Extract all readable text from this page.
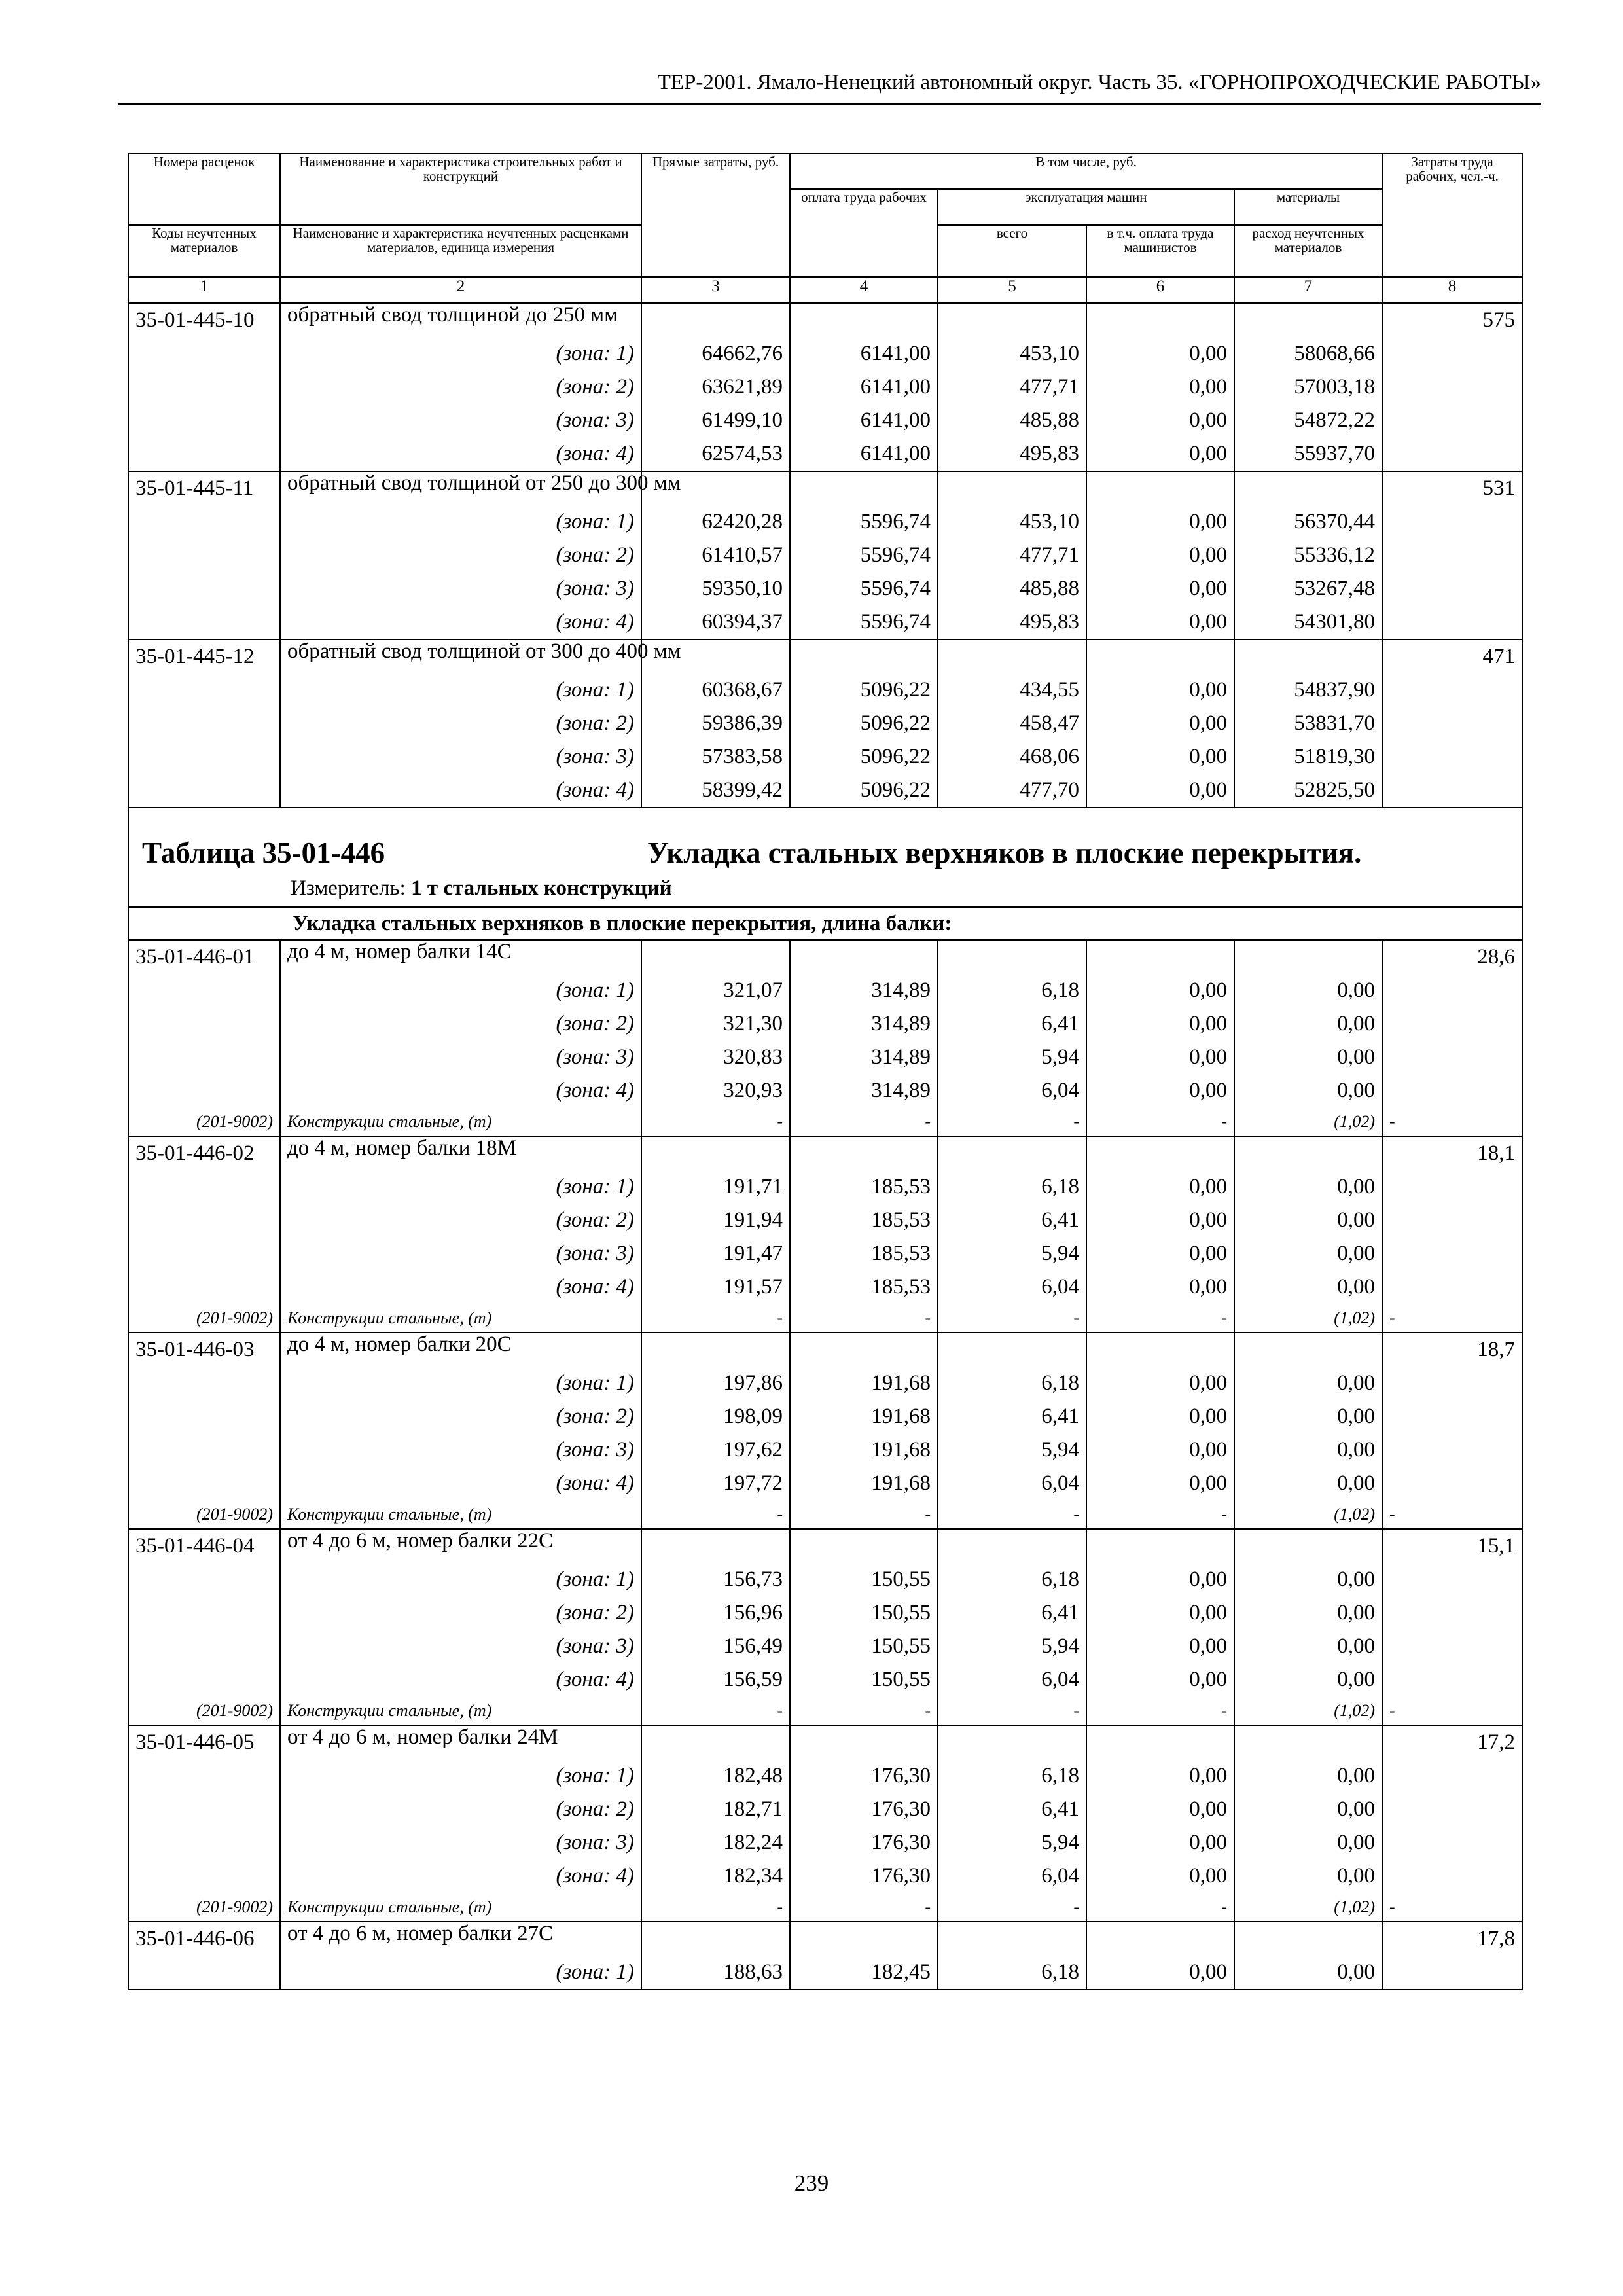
ТЕР-2001. Ямало-Ненецкий автономный округ. Часть 35. «ГОРНОПРОХОДЧЕСКИЕ РАБОТЫ»
Номера расценок	Наименование и характеристика строительных работ и конструкций	Прямые затраты, руб.	В том числе, руб.				Затраты труда рабочих, чел.-ч.
			оплата труда рабочих	эксплуатация машин		материалы	
Коды неучтенных материалов	Наименование и характеристика неучтенных расценками материалов, единица измерения			всего	в т.ч. оплата труда машинистов	расход неучтенных материалов	
1	2	3	4	5	6	7	8
35-01-445-10	обратный свод толщиной до 250 мм						575
	(зона: 1)	64662,76	6141,00	453,10	0,00	58068,66	
	(зона: 2)	63621,89	6141,00	477,71	0,00	57003,18	
	(зона: 3)	61499,10	6141,00	485,88	0,00	54872,22	
	(зона: 4)	62574,53	6141,00	495,83	0,00	55937,70	
35-01-445-11	обратный свод толщиной от 250 до 300 мм						531
	(зона: 1)	62420,28	5596,74	453,10	0,00	56370,44	
	(зона: 2)	61410,57	5596,74	477,71	0,00	55336,12	
	(зона: 3)	59350,10	5596,74	485,88	0,00	53267,48	
	(зона: 4)	60394,37	5596,74	495,83	0,00	54301,80	
35-01-445-12	обратный свод толщиной от 300 до 400 мм						471
	(зона: 1)	60368,67	5096,22	434,55	0,00	54837,90	
	(зона: 2)	59386,39	5096,22	458,47	0,00	53831,70	
	(зона: 3)	57383,58	5096,22	468,06	0,00	51819,30	
	(зона: 4)	58399,42	5096,22	477,70	0,00	52825,50	

Таблица 35-01-446 Укладка стальных верхняков в плоские перекрытия.
Измеритель: 1 т стальных конструкций							

Укладка стальных верхняков в плоские перекрытия, длина балки:							
35-01-446-01	до 4 м, номер балки 14С						28,6
	(зона: 1)	321,07	314,89	6,18	0,00	0,00	
	(зона: 2)	321,30	314,89	6,41	0,00	0,00	
	(зона: 3)	320,83	314,89	5,94	0,00	0,00	
	(зона: 4)	320,93	314,89	6,04	0,00	0,00	
(201-9002)	Конструкции стальные, (т)	-	-	-	-	(1,02)	-
35-01-446-02	до 4 м, номер балки 18М						18,1
	(зона: 1)	191,71	185,53	6,18	0,00	0,00	
	(зона: 2)	191,94	185,53	6,41	0,00	0,00	
	(зона: 3)	191,47	185,53	5,94	0,00	0,00	
	(зона: 4)	191,57	185,53	6,04	0,00	0,00	
(201-9002)	Конструкции стальные, (т)	-	-	-	-	(1,02)	-
35-01-446-03	до 4 м, номер балки 20С						18,7
	(зона: 1)	197,86	191,68	6,18	0,00	0,00	
	(зона: 2)	198,09	191,68	6,41	0,00	0,00	
	(зона: 3)	197,62	191,68	5,94	0,00	0,00	
	(зона: 4)	197,72	191,68	6,04	0,00	0,00	
(201-9002)	Конструкции стальные, (т)	-	-	-	-	(1,02)	-
35-01-446-04	от 4 до 6 м, номер балки 22С						15,1
	(зона: 1)	156,73	150,55	6,18	0,00	0,00	
	(зона: 2)	156,96	150,55	6,41	0,00	0,00	
	(зона: 3)	156,49	150,55	5,94	0,00	0,00	
	(зона: 4)	156,59	150,55	6,04	0,00	0,00	
(201-9002)	Конструкции стальные, (т)	-	-	-	-	(1,02)	-
35-01-446-05	от 4 до 6 м, номер балки 24М						17,2
	(зона: 1)	182,48	176,30	6,18	0,00	0,00	
	(зона: 2)	182,71	176,30	6,41	0,00	0,00	
	(зона: 3)	182,24	176,30	5,94	0,00	0,00	
	(зона: 4)	182,34	176,30	6,04	0,00	0,00	
(201-9002)	Конструкции стальные, (т)	-	-	-	-	(1,02)	-
35-01-446-06	от 4 до 6 м, номер балки 27С						17,8
	(зона: 1)	188,63	182,45	6,18	0,00	0,00	
239
